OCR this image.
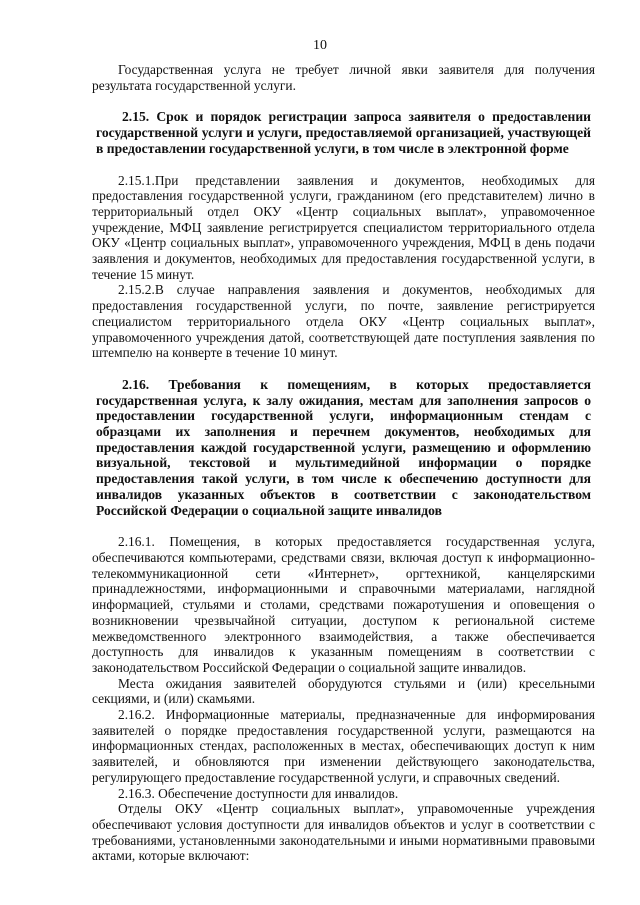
10

Государственная услуга не требует личной явки заявителя для получения результата государственной услуги.

2.15. Срок и порядок регистрации запроса заявителя о предоставлении государственной услуги и услуги, предоставляемой организацией, участвующей в предоставлении государственной услуги, в том числе в электронной форме

2.15.1.При представлении заявления и документов, необходимых для предоставления государственной услуги, гражданином (его представителем) лично в территориальный отдел ОКУ «Центр социальных выплат», управомоченное учреждение, МФЦ заявление регистрируется специалистом территориального отдела ОКУ «Центр социальных выплат», управомоченного учреждения, МФЦ в день подачи заявления и документов, необходимых для предоставления государственной услуги, в течение 15 минут.

2.15.2.В случае направления заявления и документов, необходимых для предоставления государственной услуги, по почте, заявление регистрируется специалистом территориального отдела ОКУ «Центр социальных выплат», управомоченного учреждения датой, соответствующей дате поступления заявления по штемпелю на конверте в течение 10 минут.

2.16. Требования к помещениям, в которых предоставляется государственная услуга, к залу ожидания, местам для заполнения запросов о предоставлении государственной услуги, информационным стендам с образцами их заполнения и перечнем документов, необходимых для предоставления каждой государственной услуги, размещению и оформлению визуальной, текстовой и мультимедийной информации о порядке предоставления такой услуги, в том числе к обеспечению доступности для инвалидов указанных объектов в соответствии с законодательством Российской Федерации о социальной защите инвалидов

2.16.1. Помещения, в которых предоставляется государственная услуга, обеспечиваются компьютерами, средствами связи, включая доступ к информационно-телекоммуникационной сети «Интернет», оргтехникой, канцелярскими принадлежностями, информационными и справочными материалами, наглядной информацией, стульями и столами, средствами пожаротушения и оповещения о возникновении чрезвычайной ситуации, доступом к региональной системе межведомственного электронного взаимодействия, а также обеспечивается доступность для инвалидов к указанным помещениям в соответствии с законодательством Российской Федерации о социальной защите инвалидов.

Места ожидания заявителей оборудуются стульями и (или) кресельными секциями, и (или) скамьями.

2.16.2. Информационные материалы, предназначенные для информирования заявителей о порядке предоставления государственной услуги, размещаются на информационных стендах, расположенных в местах, обеспечивающих доступ к ним заявителей, и обновляются при изменении действующего законодательства, регулирующего предоставление государственной услуги, и справочных сведений.

2.16.3. Обеспечение доступности для инвалидов.

Отделы ОКУ «Центр социальных выплат», управомоченные учреждения обеспечивают условия доступности для инвалидов объектов и услуг в соответствии с требованиями, установленными законодательными и иными нормативными правовыми актами, которые включают:
